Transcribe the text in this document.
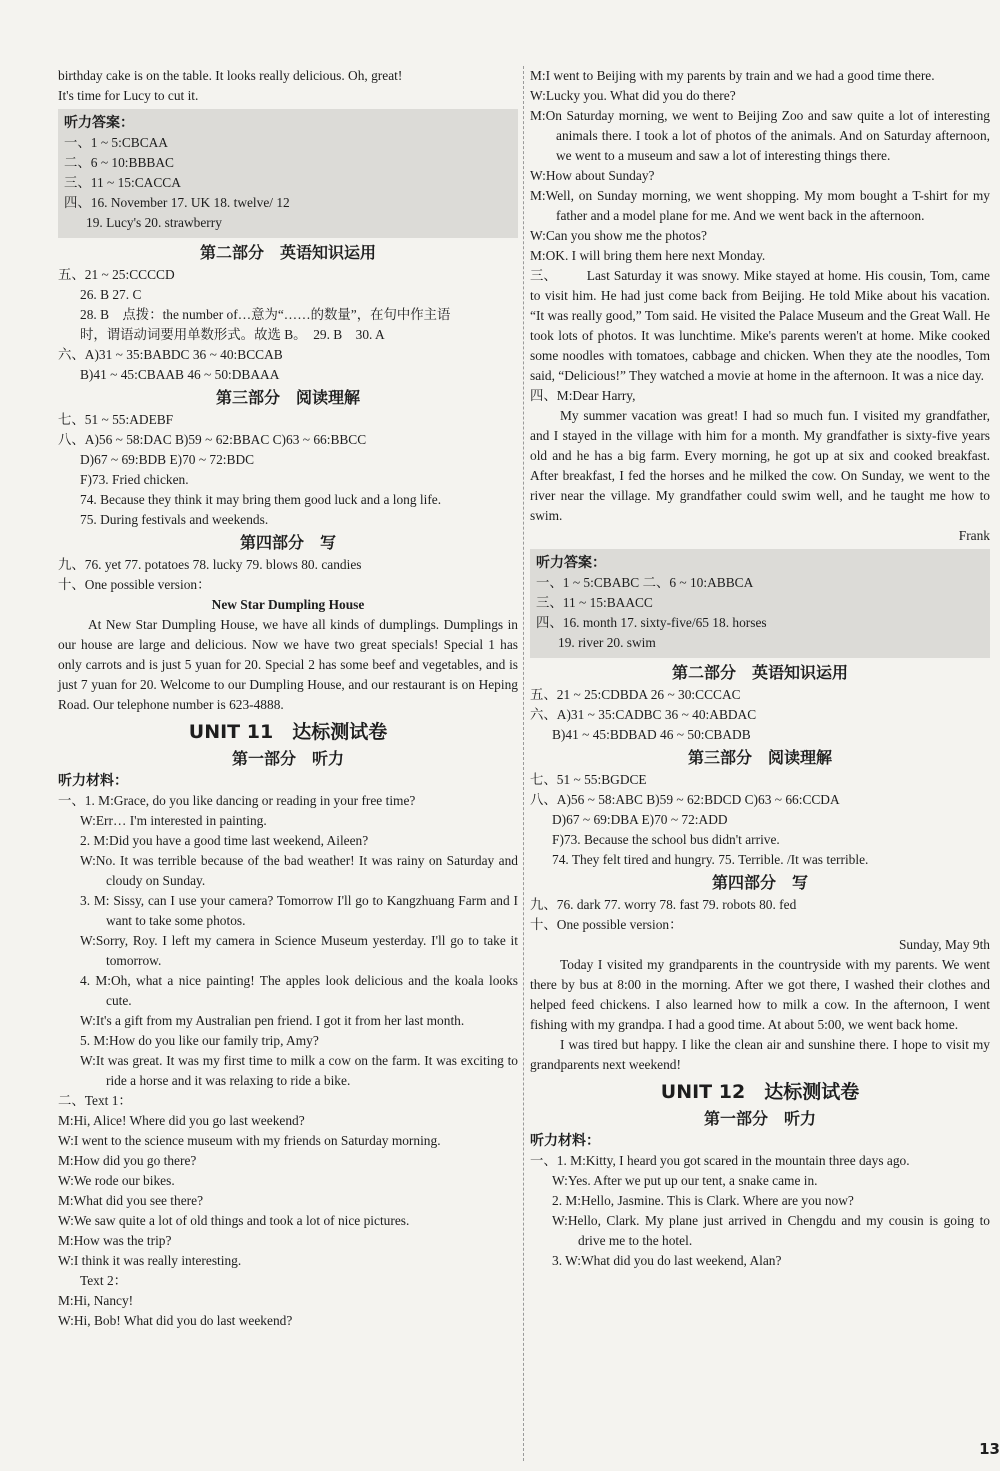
birthday cake is on the table. It looks really delicious. Oh, great!

It's time for Lucy to cut it.

听力答案：

一、1 ~ 5:CBCAA

二、6 ~ 10:BBBAC

三、11 ~ 15:CACCA

四、16. November 17. UK 18. twelve/ 12

19. Lucy's 20. strawberry

第二部分　英语知识运用

五、21 ~ 25:CCCCD

26. B 27. C

28. B　点拨：the number of…意为“……的数量”，在句中作主语

时，谓语动词要用单数形式。故选 B。　29. B　30. A

六、A)31 ~ 35:BABDC 36 ~ 40:BCCAB

B)41 ~ 45:CBAAB 46 ~ 50:DBAAA

第三部分　阅读理解

七、51 ~ 55:ADEBF

八、A)56 ~ 58:DAC B)59 ~ 62:BBAC C)63 ~ 66:BBCC

D)67 ~ 69:BDB E)70 ~ 72:BDC

F)73. Fried chicken.

74. Because they think it may bring them good luck and a long life.

75. During festivals and weekends.

第四部分　写

九、76. yet 77. potatoes 78. lucky 79. blows 80. candies

十、One possible version：

New Star Dumpling House

At New Star Dumpling House, we have all kinds of dumplings. Dumplings in our house are large and delicious. Now we have two great specials! Special 1 has only carrots and is just 5 yuan for 20. Special 2 has some beef and vegetables, and is just 7 yuan for 20. Welcome to our Dumpling House, and our restaurant is on Heping Road. Our telephone number is 623-4888.

UNIT 11　达标测试卷

第一部分　听力

听力材料：

一、1. M:Grace, do you like dancing or reading in your free time?

W:Err… I'm interested in painting.

2. M:Did you have a good time last weekend, Aileen?

W:No. It was terrible because of the bad weather! It was rainy on Saturday and cloudy on Sunday.

3. M: Sissy, can I use your camera? Tomorrow I'll go to Kangzhuang Farm and I want to take some photos.

W:Sorry, Roy. I left my camera in Science Museum yesterday. I'll go to take it tomorrow.

4. M:Oh, what a nice painting! The apples look delicious and the koala looks cute.

W:It's a gift from my Australian pen friend. I got it from her last month.

5. M:How do you like our family trip, Amy?

W:It was great. It was my first time to milk a cow on the farm. It was exciting to ride a horse and it was relaxing to ride a bike.

二、Text 1：

M:Hi, Alice! Where did you go last weekend?

W:I went to the science museum with my friends on Saturday morning.

M:How did you go there?

W:We rode our bikes.

M:What did you see there?

W:We saw quite a lot of old things and took a lot of nice pictures.

M:How was the trip?

W:I think it was really interesting.

Text 2：

M:Hi, Nancy!

W:Hi, Bob! What did you do last weekend?

M:I went to Beijing with my parents by train and we had a good time there.

W:Lucky you. What did you do there?

M:On Saturday morning, we went to Beijing Zoo and saw quite a lot of interesting animals there. I took a lot of photos of the animals. And on Saturday afternoon, we went to a museum and saw a lot of interesting things there.

W:How about Sunday?

M:Well, on Sunday morning, we went shopping. My mom bought a T-shirt for my father and a model plane for me. And we went back in the afternoon.

W:Can you show me the photos?

M:OK. I will bring them here next Monday.

三、	Last Saturday it was snowy. Mike stayed at home. His cousin, Tom, came to visit him. He had just come back from Beijing. He told Mike about his vacation. “It was really good,” Tom said. He visited the Palace Museum and the Great Wall. He took lots of photos. It was lunchtime. Mike's parents weren't at home. Mike cooked some noodles with tomatoes, cabbage and chicken. When they ate the noodles, Tom said, “Delicious!” They watched a movie at home in the afternoon. It was a nice day.

四、M:Dear Harry,

My summer vacation was great! I had so much fun. I visited my grandfather, and I stayed in the village with him for a month. My grandfather is sixty-five years old and he has a big farm. Every morning, he got up at six and cooked breakfast. After breakfast, I fed the horses and he milked the cow. On Sunday, we went to the river near the village. My grandfather could swim well, and he taught me how to swim.

Frank

听力答案：

一、1 ~ 5:CBABC 二、6 ~ 10:ABBCA

三、11 ~ 15:BAACC

四、16. month 17. sixty-five/65 18. horses

19. river 20. swim

第二部分　英语知识运用

五、21 ~ 25:CDBDA 26 ~ 30:CCCAC

六、A)31 ~ 35:CADBC 36 ~ 40:ABDAC

B)41 ~ 45:BDBAD 46 ~ 50:CBADB

第三部分　阅读理解

七、51 ~ 55:BGDCE

八、A)56 ~ 58:ABC B)59 ~ 62:BDCD C)63 ~ 66:CCDA

D)67 ~ 69:DBA E)70 ~ 72:ADD

F)73. Because the school bus didn't arrive.

74. They felt tired and hungry. 75. Terrible. /It was terrible.

第四部分　写

九、76. dark 77. worry 78. fast 79. robots 80. fed

十、One possible version：

Sunday, May 9th

Today I visited my grandparents in the countryside with my parents. We went there by bus at 8:00 in the morning. After we got there, I washed their clothes and helped feed chickens. I also learned how to milk a cow. In the afternoon, I went fishing with my grandpa. I had a good time. At about 5:00, we went back home.

I was tired but happy. I like the clean air and sunshine there. I hope to visit my grandparents next weekend!

UNIT 12　达标测试卷

第一部分　听力

听力材料：

一、1. M:Kitty, I heard you got scared in the mountain three days ago.

W:Yes. After we put up our tent, a snake came in.

2. M:Hello, Jasmine. This is Clark. Where are you now?

W:Hello, Clark. My plane just arrived in Chengdu and my cousin is going to drive me to the hotel.

3. W:What did you do last weekend, Alan?

13
